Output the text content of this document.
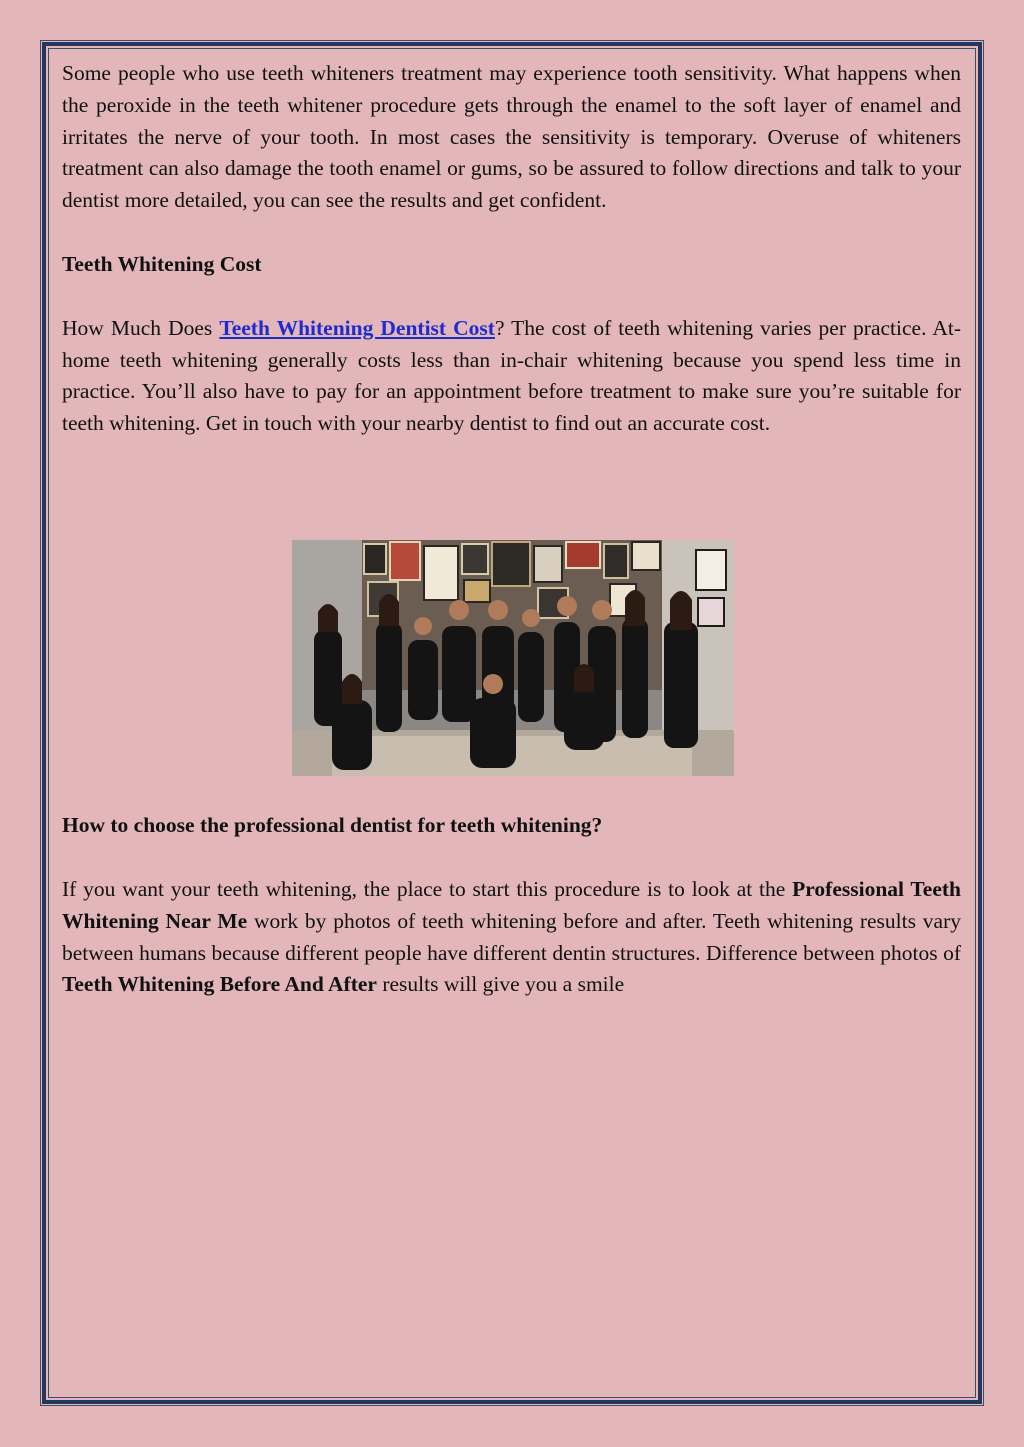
Some people who use teeth whiteners treatment may experience tooth sensitivity. What happens when the peroxide in the teeth whitener procedure gets through the enamel to the soft layer of enamel and irritates the nerve of your tooth. In most cases the sensitivity is temporary. Overuse of whiteners treatment can also damage the tooth enamel or gums, so be assured to follow directions and talk to your dentist more detailed, you can see the results and get confident.

Teeth Whitening Cost

How Much Does Teeth Whitening Dentist Cost? The cost of teeth whitening varies per practice. At-home teeth whitening generally costs less than in-chair whitening because you spend less time in practice. You’ll also have to pay for an appointment before treatment to make sure you’re suitable for teeth whitening. Get in touch with your nearby dentist to find out an accurate cost.

How to choose the professional dentist for teeth whitening?

If you want your teeth whitening, the place to start this procedure is to look at the Professional Teeth Whitening Near Me work by photos of teeth whitening before and after. Teeth whitening results vary between humans because different people have different dentin structures. Difference between photos of Teeth Whitening Before And After results will give you a smile
